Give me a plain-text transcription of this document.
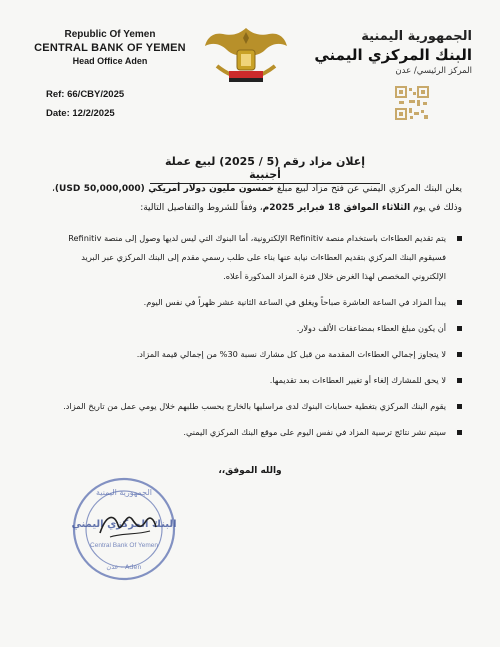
Republic Of Yemen
CENTRAL BANK OF YEMEN
Head Office Aden
Ref: 66/CBY/2025
Date: 12/2/2025
الجمهورية اليمنية
البنك المركزي اليمني
المركز الرئيسي/ عدن
إعلان مزاد رقم (5 / 2025) لبيع عملة أجنبية
يعلن البنك المركزي اليمني عن فتح مزاد لبيع مبلغ خمسون مليون دولار أمريكي (USD 50,000,000)، وذلك في يوم الثلاثاء الموافق 18 فبراير 2025م، وفقاً للشروط والتفاصيل التالية:
يتم تقديم العطاءات باستخدام منصة Refinitiv الإلكترونية، أما البنوك التي ليس لديها وصول إلى منصة Refinitiv فسيقوم البنك المركزي بتقديم العطاءات نيابة عنها بناء على طلب رسمي مقدم إلى البنك المركزي عبر البريد الإلكتروني المخصص لهذا الغرض خلال فترة المزاد المذكورة أعلاه.
يبدأ المزاد في الساعة العاشرة صباحاً ويغلق في الساعة الثانية عشر ظهراً في نفس اليوم.
أن يكون مبلغ العطاء بمضاعفات الألف دولار.
لا يتجاوز إجمالي العطاءات المقدمة من قبل كل مشارك نسبة 30% من إجمالي قيمة المزاد.
لا يحق للمشارك إلغاء أو تغيير العطاءات بعد تقديمها.
يقوم البنك المركزي بتغطية حسابات البنوك لدى مراسليها بالخارج بحسب طلبهم خلال يومي عمل من تاريخ المزاد.
سيتم نشر نتائج ترسية المزاد في نفس اليوم على موقع البنك المركزي اليمني.
والله الموفق،،
الجمهورية اليمنية
البنك المركزي اليمني
Central Bank Of Yemen
عدن - Aden
